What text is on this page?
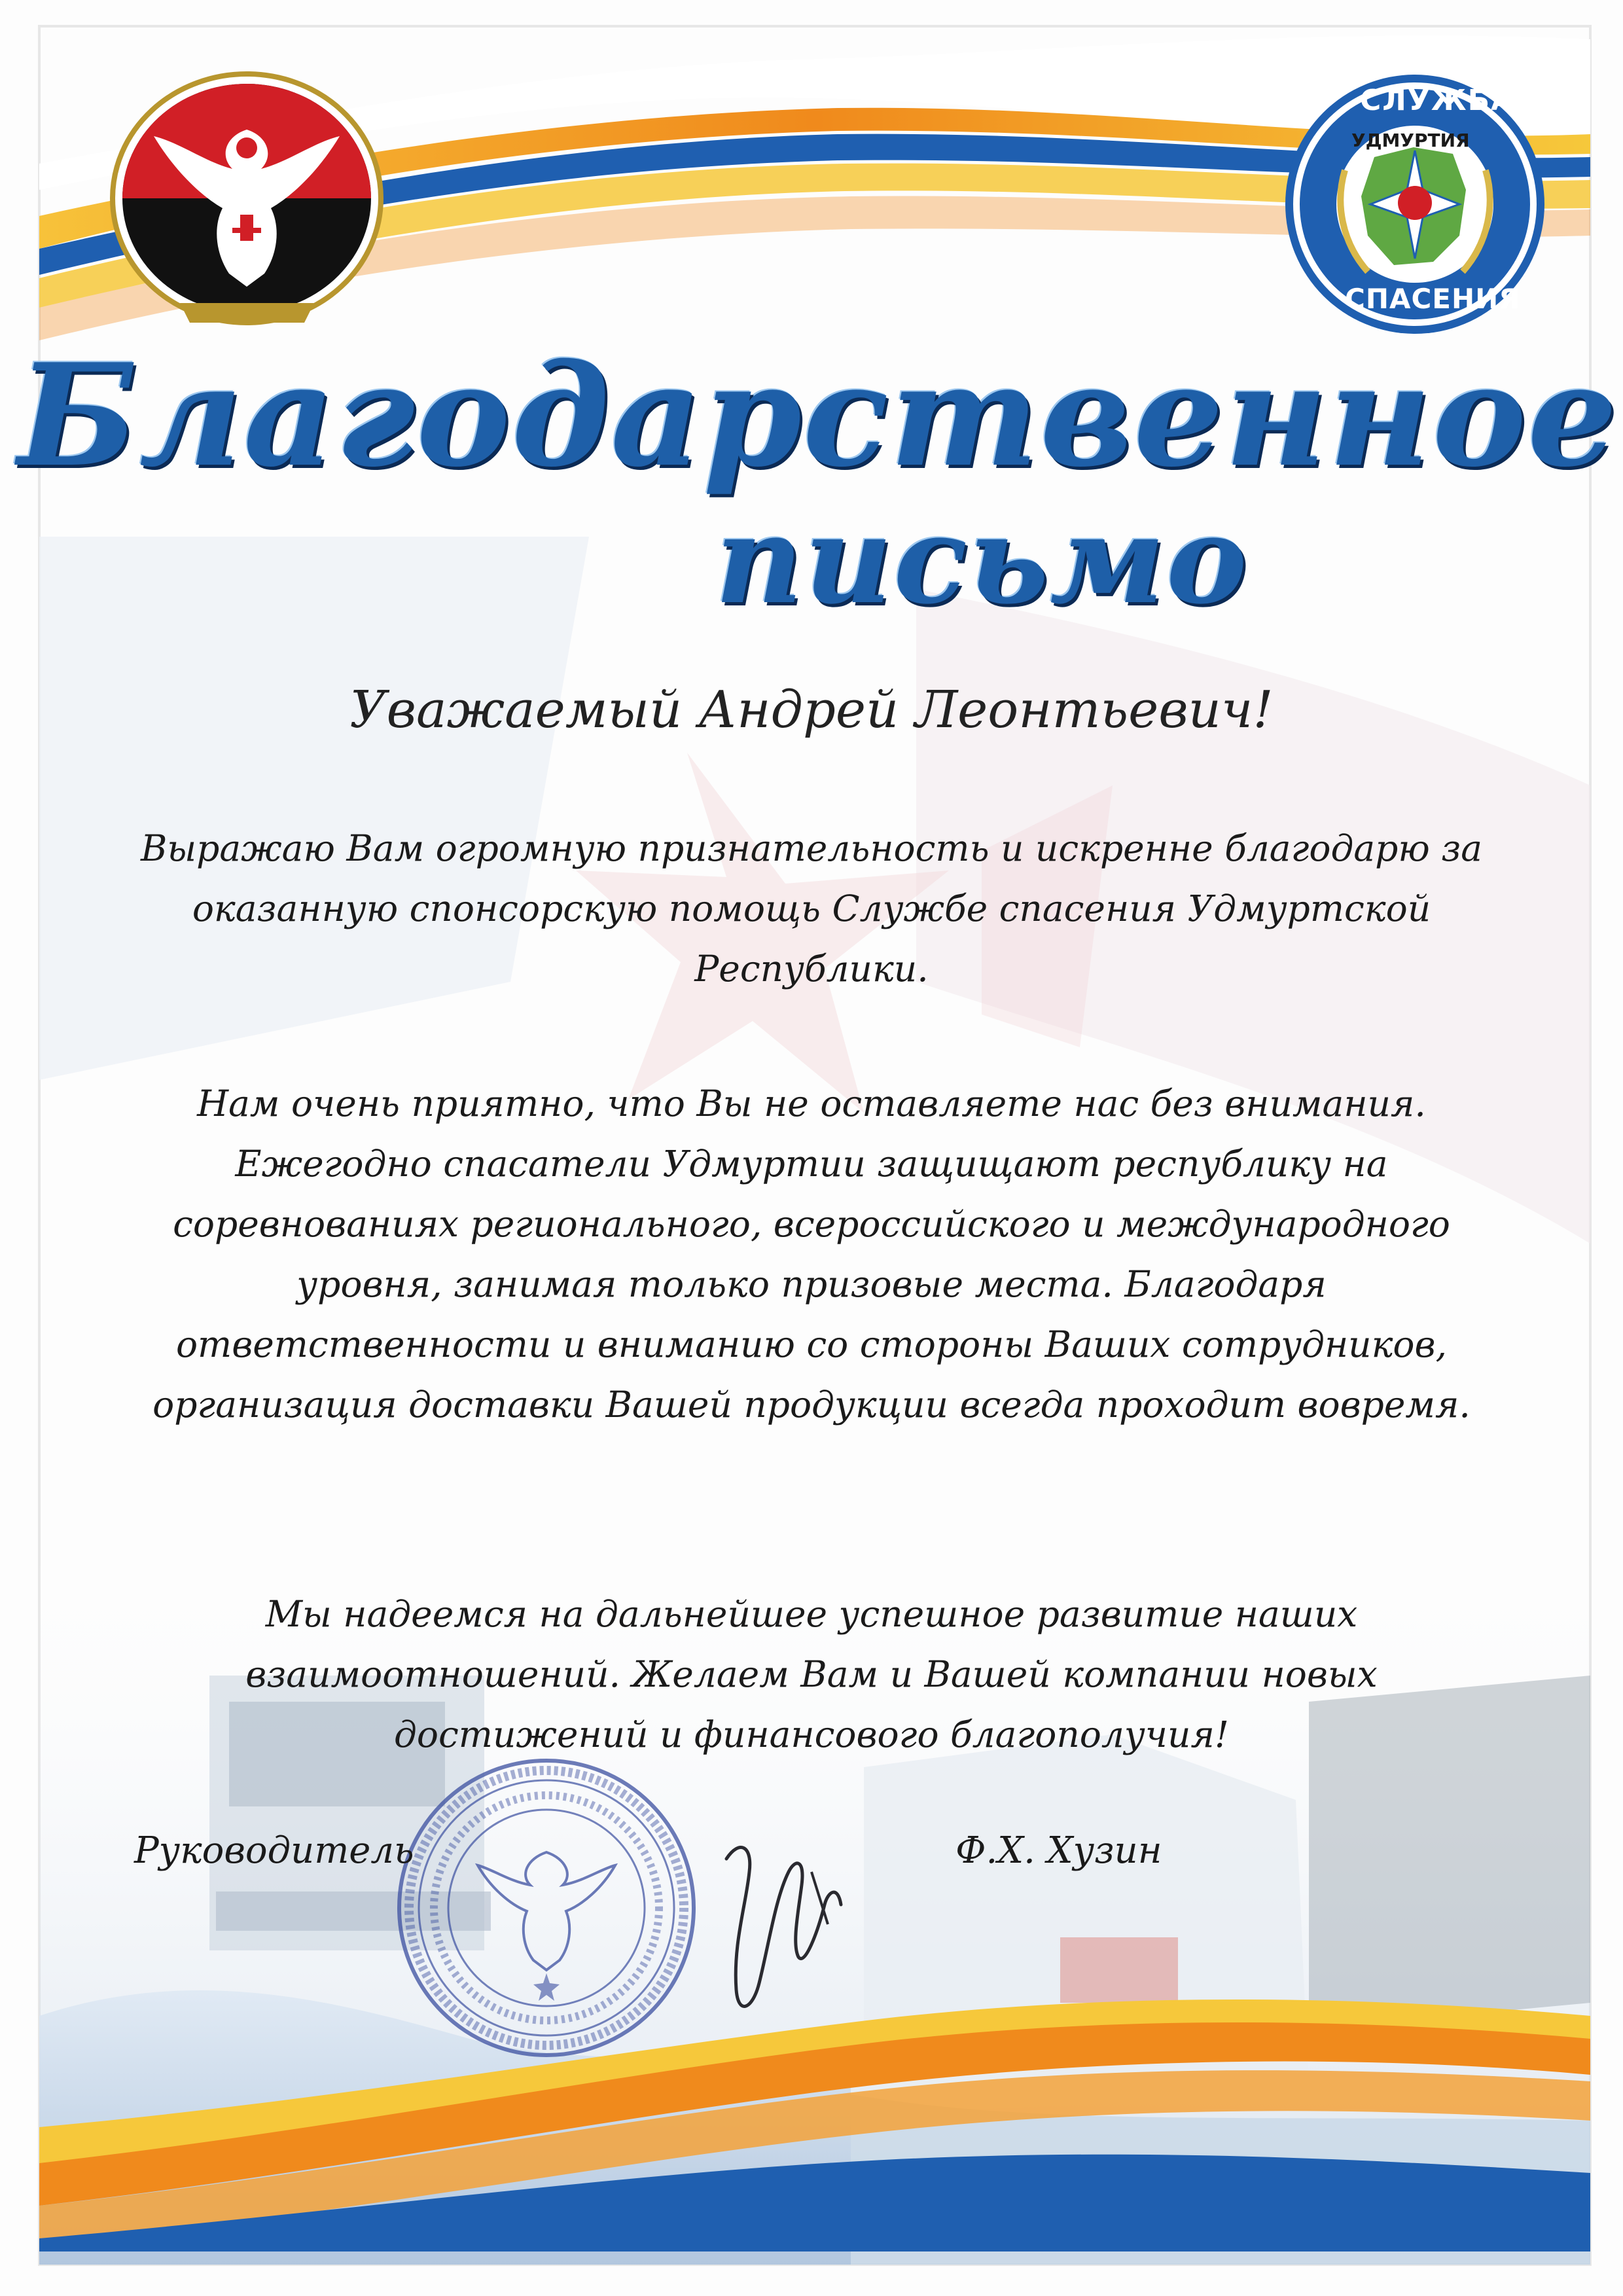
СЛУЖБА
УДМУРТИЯ
СПАСЕНИЯ
Благодарственное
письмо
Уважаемый Андрей Леонтьевич!
Выражаю Вам огромную признательность и искренне благодарю за оказанную спонсорскую помощь Службе спасения Удмуртской Республики.
Нам очень приятно, что Вы не оставляете нас без внимания. Ежегодно спасатели Удмуртии защищают республику на соревнованиях регионального, всероссийского и международного уровня, занимая только призовые места. Благодаря ответственности и вниманию со стороны Ваших сотрудников, организация доставки Вашей продукции всегда проходит вовремя.
Мы надеемся на дальнейшее успешное развитие наших взаимоотношений. Желаем Вам и Вашей компании новых достижений и финансового благополучия!
Руководитель	Ф.Х. Хузин
